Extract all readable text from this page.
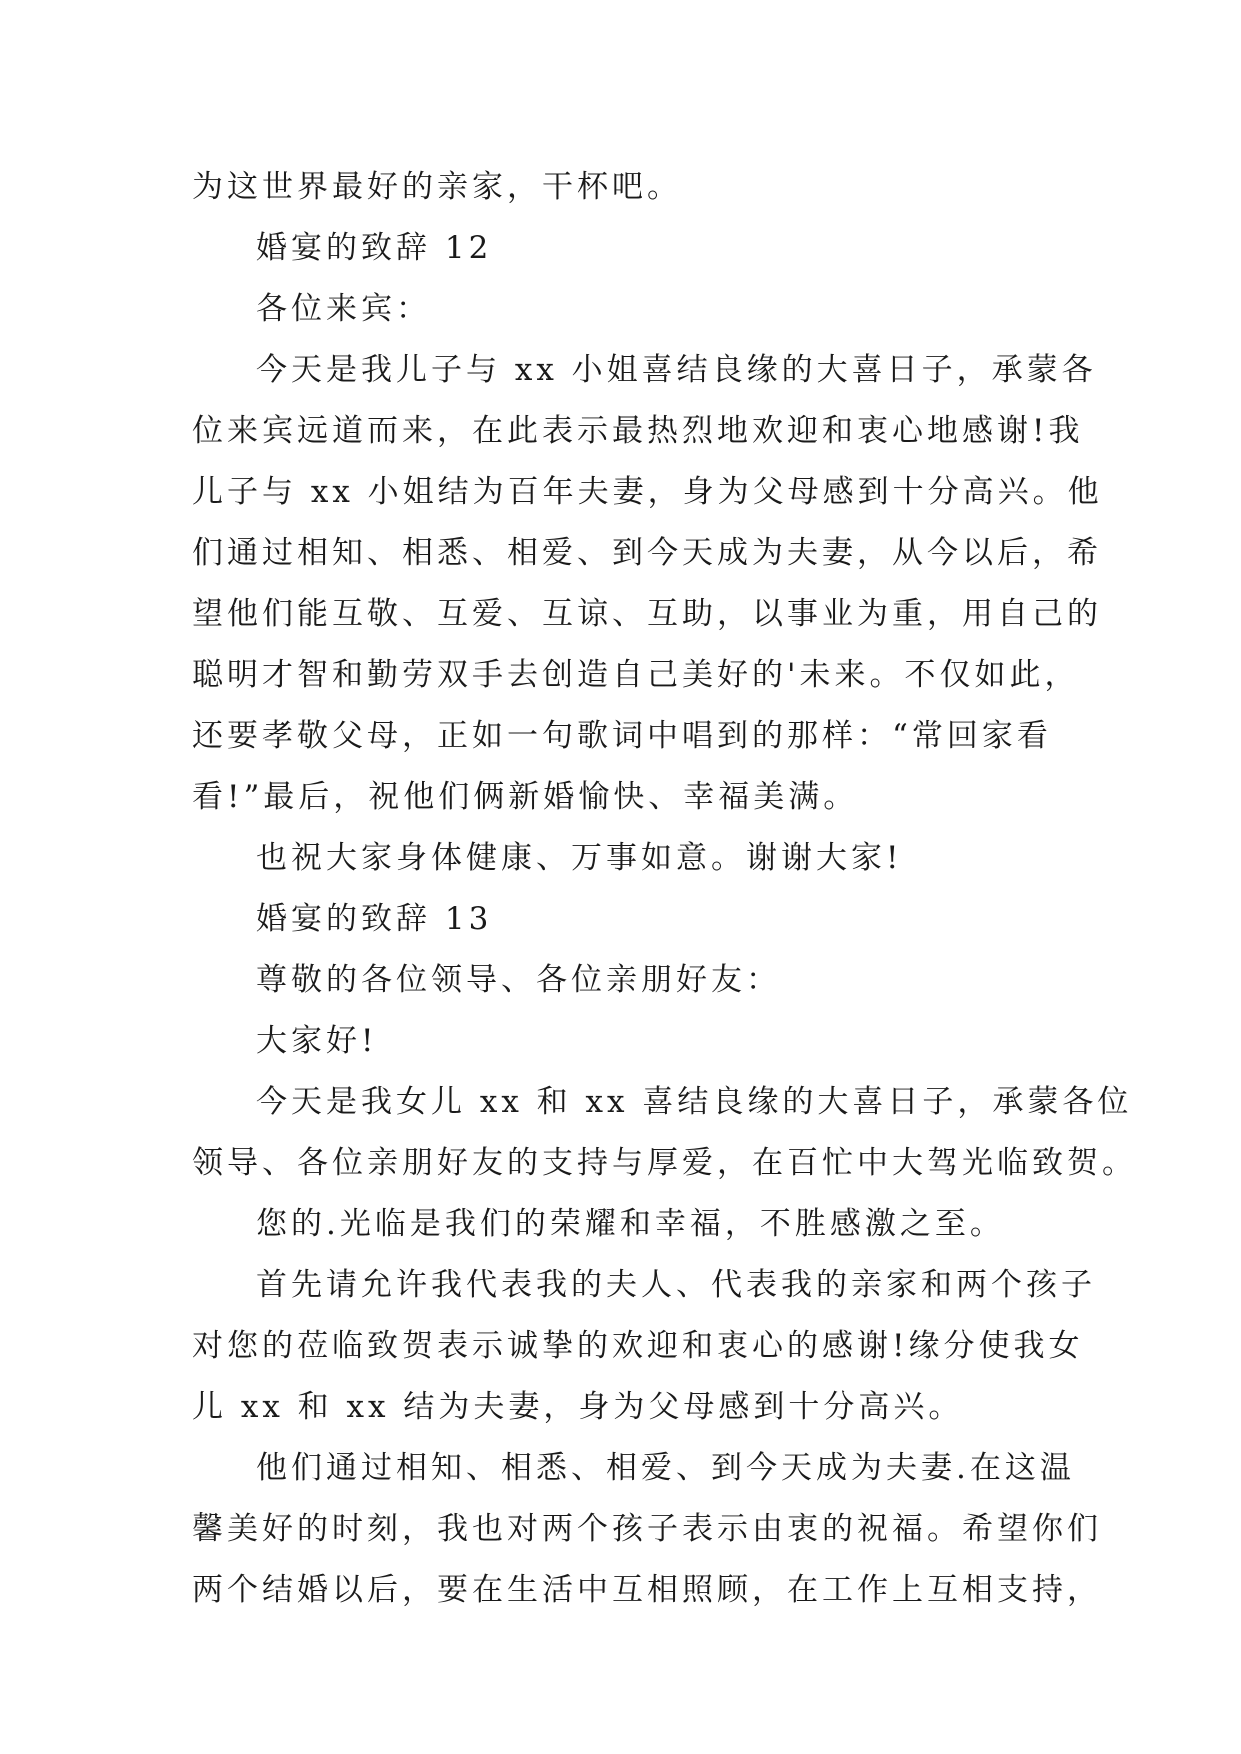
为这世界最好的亲家，干杯吧。
婚宴的致辞 12
各位来宾：
今天是我儿子与 xx 小姐喜结良缘的大喜日子，承蒙各
位来宾远道而来，在此表示最热烈地欢迎和衷心地感谢!我
儿子与 xx 小姐结为百年夫妻，身为父母感到十分高兴。他
们通过相知、相悉、相爱、到今天成为夫妻，从今以后，希
望他们能互敬、互爱、互谅、互助，以事业为重，用自己的
聪明才智和勤劳双手去创造自己美好的'未来。不仅如此，
还要孝敬父母，正如一句歌词中唱到的那样：“常回家看
看!”最后，祝他们俩新婚愉快、幸福美满。
也祝大家身体健康、万事如意。谢谢大家!
婚宴的致辞 13
尊敬的各位领导、各位亲朋好友：
大家好!
今天是我女儿 xx 和 xx 喜结良缘的大喜日子，承蒙各位
领导、各位亲朋好友的支持与厚爱，在百忙中大驾光临致贺。
您的.光临是我们的荣耀和幸福，不胜感激之至。
首先请允许我代表我的夫人、代表我的亲家和两个孩子
对您的莅临致贺表示诚挚的欢迎和衷心的感谢!缘分使我女
儿 xx 和 xx 结为夫妻，身为父母感到十分高兴。
他们通过相知、相悉、相爱、到今天成为夫妻.在这温
馨美好的时刻，我也对两个孩子表示由衷的祝福。希望你们
两个结婚以后，要在生活中互相照顾，在工作上互相支持，
